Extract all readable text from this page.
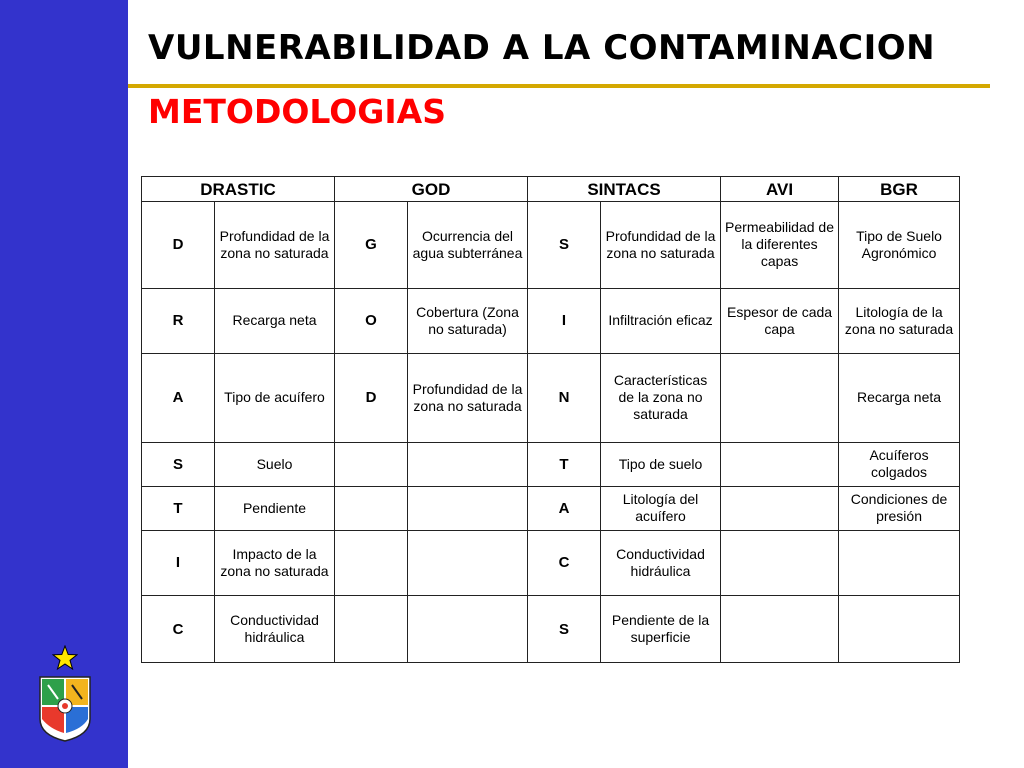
VULNERABILIDAD A LA CONTAMINACION
METODOLOGIAS
DRASTIC		GOD		SINTACS		AVI	BGR
D	Profundidad de la zona no saturada	G	Ocurrencia del agua subterránea	S	Profundidad de la zona no saturada	Permeabilidad de la diferentes capas	Tipo de Suelo Agronómico
R	Recarga neta	O	Cobertura (Zona no saturada)	I	Infiltración eficaz	Espesor de cada capa	Litología de la zona no saturada
A	Tipo de acuífero	D	Profundidad de la zona no saturada	N	Características de la zona no saturada		Recarga neta
S	Suelo			T	Tipo de suelo		Acuíferos colgados
T	Pendiente			A	Litología del acuífero		Condiciones de presión
I	Impacto de la zona no saturada			C	Conductividad hidráulica		
C	Conductividad hidráulica			S	Pendiente de la superficie		
